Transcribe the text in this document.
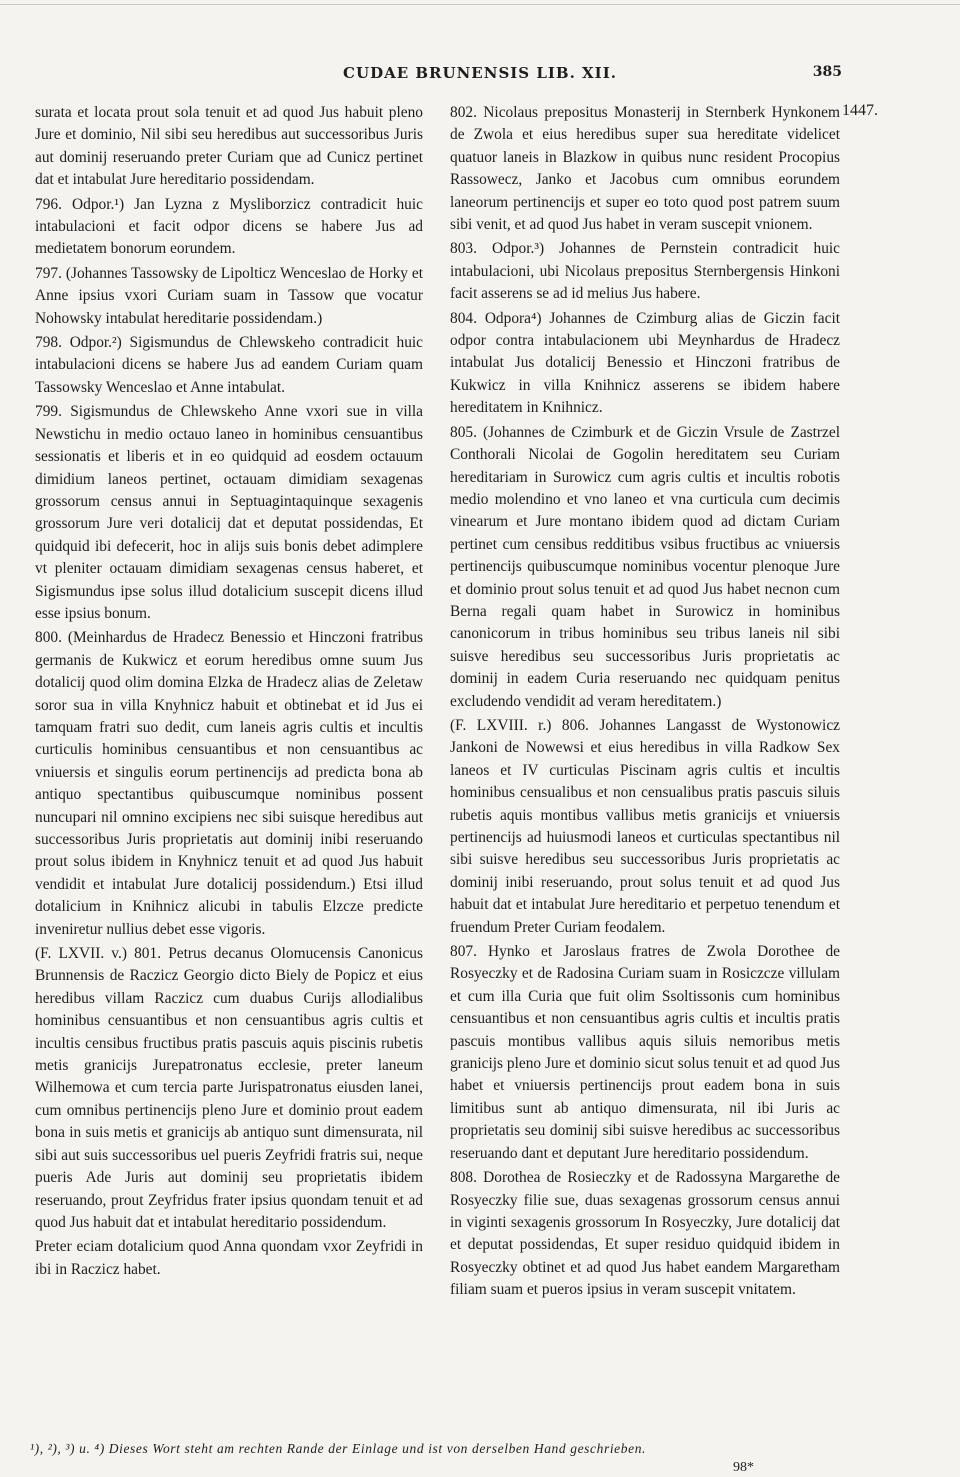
CUDAE BRUNENSIS LIB. XII.	385

surata et locata prout sola tenuit et ad quod Jus habuit pleno Jure et dominio, Nil sibi seu heredibus aut successoribus Juris aut dominij reseruando preter Curiam que ad Cunicz pertinet dat et intabulat Jure hereditario possidendam.

796. Odpor.¹) Jan Lyzna z Mysliborzicz contradicit huic intabulacioni et facit odpor dicens se habere Jus ad medietatem bonorum eorundem.

797. (Johannes Tassowsky de Lipolticz Wenceslao de Horky et Anne ipsius vxori Curiam suam in Tassow que vocatur Nohowsky intabulat hereditarie possidendam.)

798. Odpor.²) Sigismundus de Chlewskeho contradicit huic intabulacioni dicens se habere Jus ad eandem Curiam quam Tassowsky Wenceslao et Anne intabulat.

799. Sigismundus de Chlewskeho Anne vxori sue in villa Newstichu in medio octauo laneo in hominibus censuantibus sessionatis et liberis et in eo quidquid ad eosdem octauum dimidium laneos pertinet, octauam dimidiam sexagenas grossorum census annui in Septuagintaquinque sexagenis grossorum Jure veri dotalicij dat et deputat possidendas, Et quidquid ibi defecerit, hoc in alijs suis bonis debet adimplere vt pleniter octauam dimidiam sexagenas census haberet, et Sigismundus ipse solus illud dotalicium suscepit dicens illud esse ipsius bonum.

800. (Meinhardus de Hradecz Benessio et Hinczoni fratribus germanis de Kukwicz et eorum heredibus omne suum Jus dotalicij quod olim domina Elzka de Hradecz alias de Zeletaw soror sua in villa Knyhnicz habuit et obtinebat et id Jus ei tamquam fratri suo dedit, cum laneis agris cultis et incultis curticulis hominibus censuantibus et non censuantibus ac vniuersis et singulis eorum pertinencijs ad predicta bona ab antiquo spectantibus quibuscumque nominibus possent nuncupari nil omnino excipiens nec sibi suisque heredibus aut successoribus Juris proprietatis aut dominij inibi reseruando prout solus ibidem in Knyhnicz tenuit et ad quod Jus habuit vendidit et intabulat Jure dotalicij possidendum.) Etsi illud dotalicium in Knihnicz alicubi in tabulis Elzcze predicte inveniretur nullius debet esse vigoris.

(F. LXVII. v.) 801. Petrus decanus Olomucensis Canonicus Brunnensis de Raczicz Georgio dicto Biely de Popicz et eius heredibus villam Raczicz cum duabus Curijs allodialibus hominibus censuantibus et non censuantibus agris cultis et incultis censibus fructibus pratis pascuis aquis piscinis rubetis metis granicijs Jurepatronatus ecclesie, preter laneum Wilhemowa et cum tercia parte Jurispatronatus eiusden lanei, cum omnibus pertinencijs pleno Jure et dominio prout eadem bona in suis metis et granicijs ab antiquo sunt dimensurata, nil sibi aut suis successoribus uel pueris Zeyfridi fratris sui, neque pueris Ade Juris aut dominij seu proprietatis ibidem reseruando, prout Zeyfridus frater ipsius quondam tenuit et ad quod Jus habuit dat et intabulat hereditario possidendum.

Preter eciam dotalicium quod Anna quondam vxor Zeyfridi in ibi in Raczicz habet.

1447.

802. Nicolaus prepositus Monasterij in Sternberk Hynkonem de Zwola et eius heredibus super sua hereditate videlicet quatuor laneis in Blazkow in quibus nunc resident Procopius Rassowecz, Janko et Jacobus cum omnibus eorundem laneorum pertinencijs et super eo toto quod post patrem suum sibi venit, et ad quod Jus habet in veram suscepit vnionem.

803. Odpor.³) Johannes de Pernstein contradicit huic intabulacioni, ubi Nicolaus prepositus Sternbergensis Hinkoni facit asserens se ad id melius Jus habere.

804. Odpora⁴) Johannes de Czimburg alias de Giczin facit odpor contra intabulacionem ubi Meynhardus de Hradecz intabulat Jus dotalicij Benessio et Hinczoni fratribus de Kukwicz in villa Knihnicz asserens se ibidem habere hereditatem in Knihnicz.

805. (Johannes de Czimburk et de Giczin Vrsule de Zastrzel Conthorali Nicolai de Gogolin hereditatem seu Curiam hereditariam in Surowicz cum agris cultis et incultis robotis medio molendino et vno laneo et vna curticula cum decimis vinearum et Jure montano ibidem quod ad dictam Curiam pertinet cum censibus redditibus vsibus fructibus ac vniuersis pertinencijs quibuscumque nominibus vocentur plenoque Jure et dominio prout solus tenuit et ad quod Jus habet necnon cum Berna regali quam habet in Surowicz in hominibus canonicorum in tribus hominibus seu tribus laneis nil sibi suisve heredibus seu successoribus Juris proprietatis ac dominij in eadem Curia reseruando nec quidquam penitus excludendo vendidit ad veram hereditatem.)

(F. LXVIII. r.) 806. Johannes Langasst de Wystonowicz Jankoni de Nowewsi et eius heredibus in villa Radkow Sex laneos et IV curticulas Piscinam agris cultis et incultis hominibus censualibus et non censualibus pratis pascuis siluis rubetis aquis montibus vallibus metis granicijs et vniuersis pertinencijs ad huiusmodi laneos et curticulas spectantibus nil sibi suisve heredibus seu successoribus Juris proprietatis ac dominij inibi reseruando, prout solus tenuit et ad quod Jus habuit dat et intabulat Jure hereditario et perpetuo tenendum et fruendum Preter Curiam feodalem.

807. Hynko et Jaroslaus fratres de Zwola Dorothee de Rosyeczky et de Radosina Curiam suam in Rosiczcze villulam et cum illa Curia que fuit olim Ssoltissonis cum hominibus censuantibus et non censuantibus agris cultis et incultis pratis pascuis montibus vallibus aquis siluis nemoribus metis granicijs pleno Jure et dominio sicut solus tenuit et ad quod Jus habet et vniuersis pertinencijs prout eadem bona in suis limitibus sunt ab antiquo dimensurata, nil ibi Juris ac proprietatis seu dominij sibi suisve heredibus ac successoribus reseruando dant et deputant Jure hereditario possidendum.

808. Dorothea de Rosieczky et de Radossyna Margarethe de Rosyeczky filie sue, duas sexagenas grossorum census annui in viginti sexagenis grossorum In Rosyeczky, Jure dotalicij dat et deputat possidendas, Et super residuo quidquid ibidem in Rosyeczky obtinet et ad quod Jus habet eandem Margaretham filiam suam et pueros ipsius in veram suscepit vnitatem.

¹), ²), ³) u. ⁴) Dieses Wort steht am rechten Rande der Einlage und ist von derselben Hand geschrieben.
98*
